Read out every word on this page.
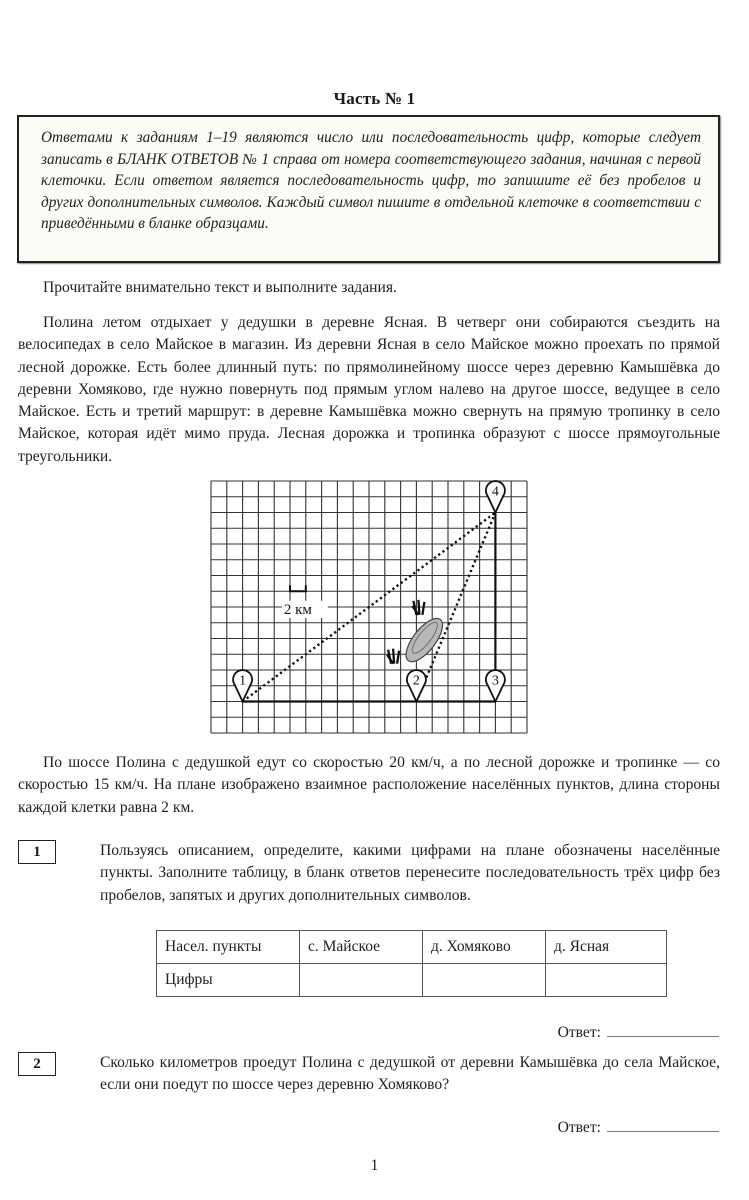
Часть № 1
Ответами к заданиям 1–19 являются число или последовательность цифр, которые следует записать в БЛАНК ОТВЕТОВ № 1 справа от номера соответствующего задания, начиная с первой клеточки. Если ответом является последовательность цифр, то запишите её без пробелов и других дополнительных символов. Каждый символ пишите в отдельной клеточке в соответствии с приведёнными в бланке образцами.
Прочитайте внимательно текст и выполните задания.
Полина летом отдыхает у дедушки в деревне Ясная. В четверг они собираются съездить на велосипедах в село Майское в магазин. Из деревни Ясная в село Майское можно проехать по прямой лесной дорожке. Есть более длинный путь: по прямолинейному шоссе через деревню Камышёвка до деревни Хомяково, где нужно повернуть под прямым углом налево на другое шоссе, ведущее в село Майское. Есть и третий маршрут: в деревне Камышёвка можно свернуть на прямую тропинку в село Майское, которая идёт мимо пруда. Лесная дорожка и тропинка образуют с шоссе прямоугольные треугольники.
2 км
1	2	3
4
По шоссе Полина с дедушкой едут со скоростью 20 км/ч, а по лесной дорожке и тропинке — со скоростью 15 км/ч. На плане изображено взаимное расположение населённых пунктов, длина стороны каждой клетки равна 2 км.
1	Пользуясь описанием, определите, какими цифрами на плане обозначены населённые пункты. Заполните таблицу, в бланк ответов перенесите последовательность трёх цифр без пробелов, запятых и других дополнительных символов.
Насел. пункты	с. Майское	д. Хомяково	д. Ясная
Цифры			
Ответ:
2	Сколько километров проедут Полина с дедушкой от деревни Камышёвка до села Майское, если они поедут по шоссе через деревню Хомяково?
Ответ:
1
